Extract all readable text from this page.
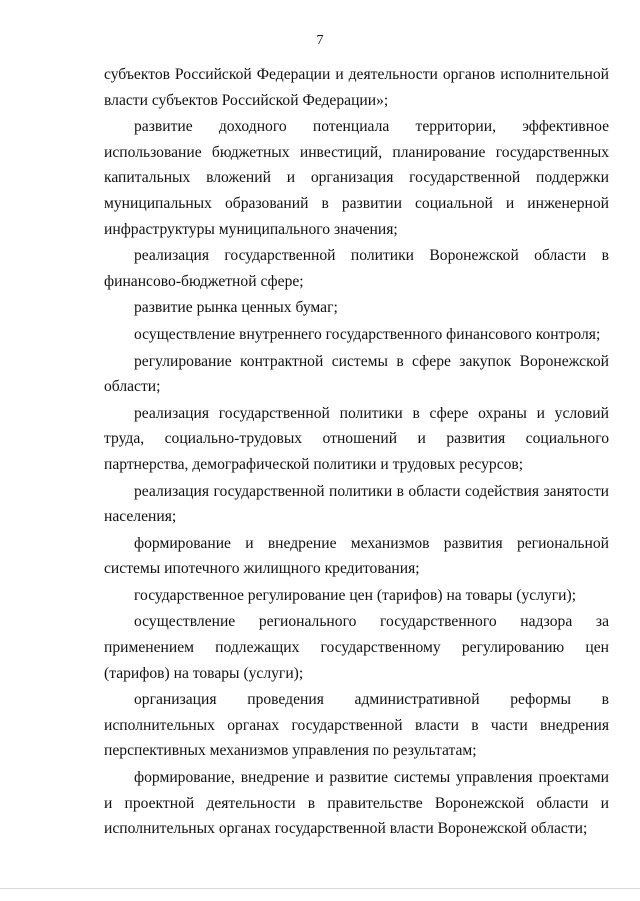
7

субъектов Российской Федерации и деятельности органов исполнительной власти субъектов Российской Федерации»;

развитие доходного потенциала территории, эффективное использование бюджетных инвестиций, планирование государственных капитальных вложений и организация государственной поддержки муниципальных образований в развитии социальной и инженерной инфраструктуры муниципального значения;

реализация государственной политики Воронежской области в финансово-бюджетной сфере;

развитие рынка ценных бумаг;

осуществление внутреннего государственного финансового контроля;

регулирование контрактной системы в сфере закупок Воронежской области;

реализация государственной политики в сфере охраны и условий труда, социально-трудовых отношений и развития социального партнерства, демографической политики и трудовых ресурсов;

реализация государственной политики в области содействия занятости населения;

формирование и внедрение механизмов развития региональной системы ипотечного жилищного кредитования;

государственное регулирование цен (тарифов) на товары (услуги);

осуществление регионального государственного надзора за применением подлежащих государственному регулированию цен (тарифов) на товары (услуги);

организация проведения административной реформы в исполнительных органах государственной власти в части внедрения перспективных механизмов управления по результатам;

формирование, внедрение и развитие системы управления проектами и проектной деятельности в правительстве Воронежской области и исполнительных органах государственной власти Воронежской области;
